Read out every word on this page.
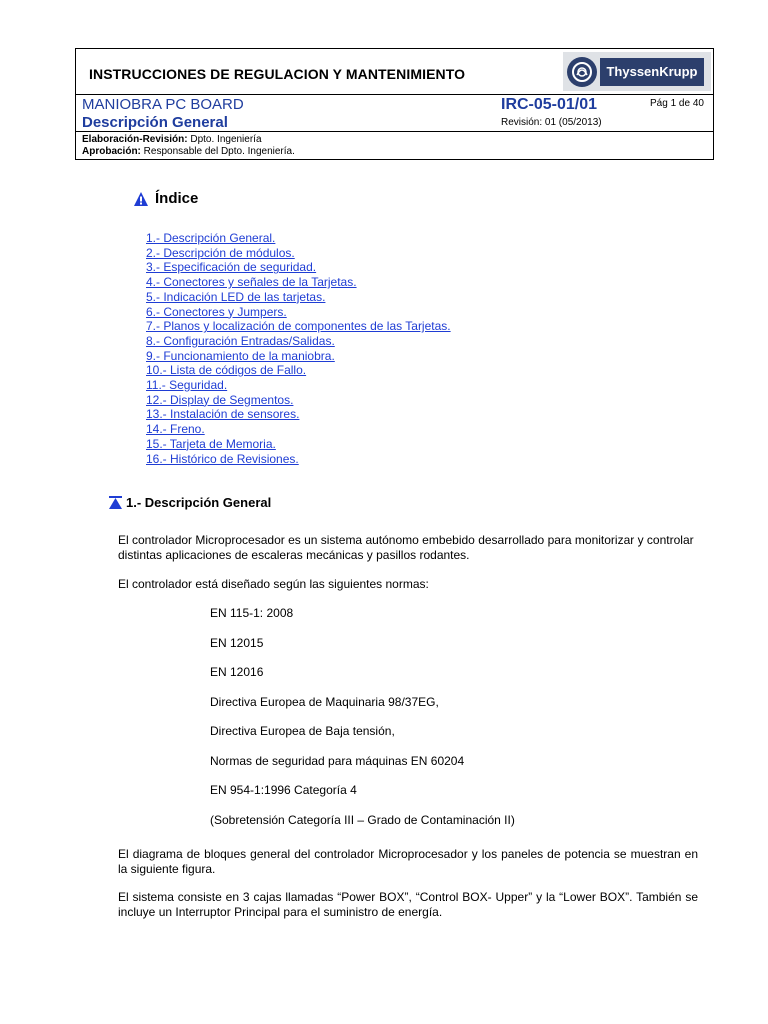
INSTRUCCIONES DE REGULACION Y MANTENIMIENTO	ThyssenKrupp
MANIOBRA PC BOARD
Descripción General
IRC-05-01/01
Revisión: 01 (05/2013)
Pág 1 de 40
Elaboración-Revisión: Dpto. Ingeniería
Aprobación: Responsable del Dpto. Ingeniería.
Índice
1.- Descripción General.
2.- Descripción de módulos.
3.- Especificación de seguridad.
4.- Conectores y señales de la Tarjetas.
5.- Indicación LED de las tarjetas.
6.- Conectores y Jumpers.
7.- Planos y localización de componentes de las Tarjetas.
8.- Configuración Entradas/Salidas.
9.- Funcionamiento de la maniobra.
10.- Lista de códigos de Fallo.
11.- Seguridad.
12.- Display de Segmentos.
13.- Instalación de sensores.
14.- Freno.
15.- Tarjeta de Memoria.
16.- Histórico de Revisiones.
1.- Descripción General
El controlador Microprocesador es un sistema autónomo embebido desarrollado para monitorizar y controlar distintas aplicaciones de escaleras mecánicas y pasillos rodantes.
El controlador está diseñado según las siguientes normas:
EN 115-1: 2008
EN 12015
EN 12016
Directiva Europea de Maquinaria 98/37EG,
Directiva Europea de Baja tensión,
Normas de seguridad para máquinas EN 60204
EN 954-1:1996 Categoría 4
(Sobretensión Categoría III – Grado de Contaminación II)
El diagrama de bloques general del controlador Microprocesador y los paneles de potencia se muestran en la siguiente figura.
El sistema consiste en 3 cajas llamadas “Power BOX”, “Control BOX- Upper” y la “Lower BOX”. También se incluye un Interruptor Principal para el suministro de energía.
